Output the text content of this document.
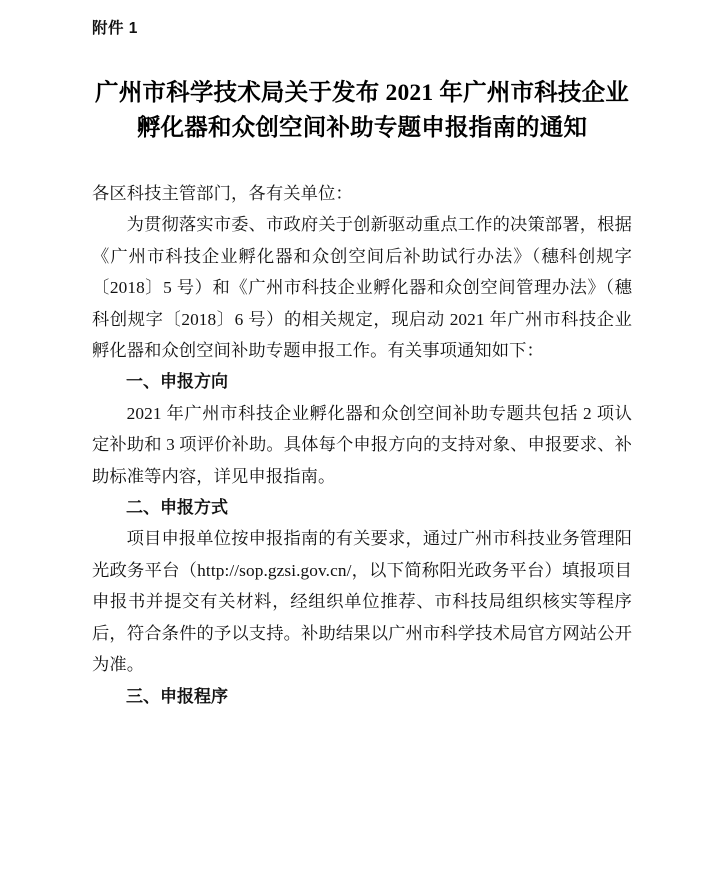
附件 1
广州市科学技术局关于发布 2021 年广州市科技企业孵化器和众创空间补助专题申报指南的通知

各区科技主管部门，各有关单位：

为贯彻落实市委、市政府关于创新驱动重点工作的决策部署，根据《广州市科技企业孵化器和众创空间后补助试行办法》（穗科创规字〔2018〕5 号）和《广州市科技企业孵化器和众创空间管理办法》（穗科创规字〔2018〕6 号）的相关规定，现启动 2021 年广州市科技企业孵化器和众创空间补助专题申报工作。有关事项通知如下：

一、申报方向

2021 年广州市科技企业孵化器和众创空间补助专题共包括 2 项认定补助和 3 项评价补助。具体每个申报方向的支持对象、申报要求、补助标准等内容，详见申报指南。

二、申报方式

项目申报单位按申报指南的有关要求，通过广州市科技业务管理阳光政务平台（http://sop.gzsi.gov.cn/，以下简称阳光政务平台）填报项目申报书并提交有关材料，经组织单位推荐、市科技局组织核实等程序后，符合条件的予以支持。补助结果以广州市科学技术局官方网站公开为准。

三、申报程序
